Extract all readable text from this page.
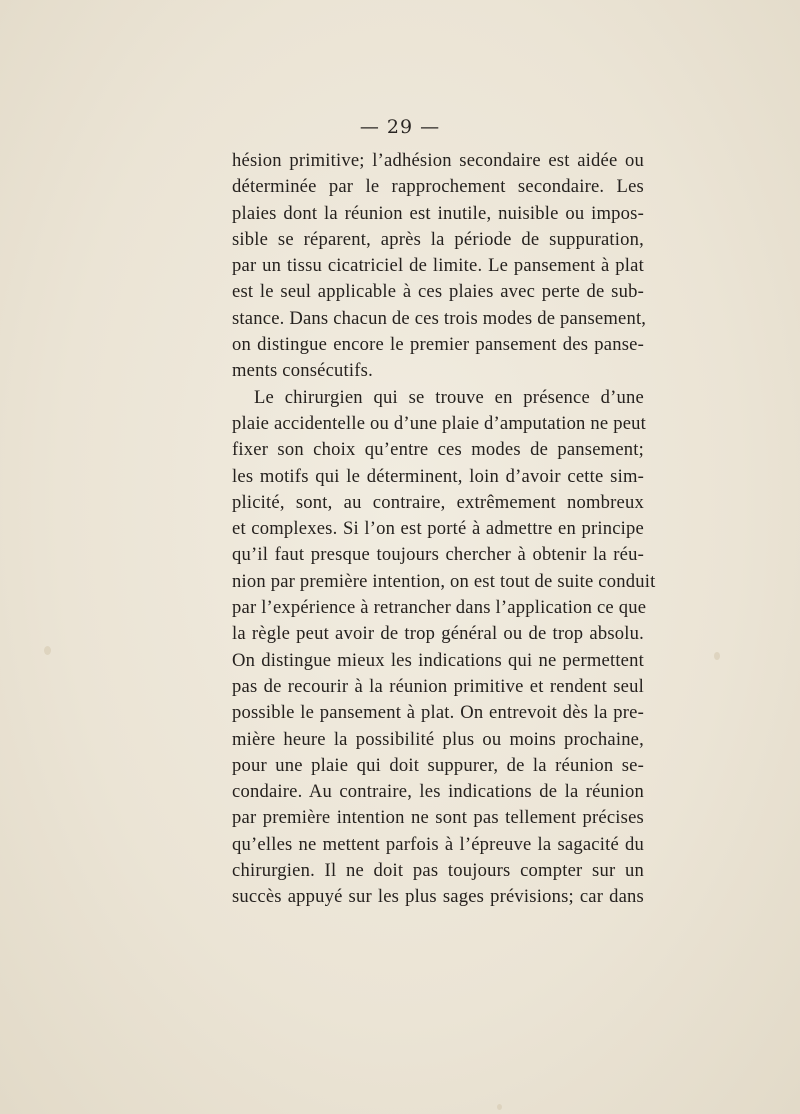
— 29 —
hésion primitive; l’adhésion secondaire est aidée ou
déterminée par le rapprochement secondaire. Les
plaies dont la réunion est inutile, nuisible ou impos-
sible se réparent, après la période de suppuration,
par un tissu cicatriciel de limite. Le pansement à plat
est le seul applicable à ces plaies avec perte de sub-
stance. Dans chacun de ces trois modes de pansement,
on distingue encore le premier pansement des panse-
ments consécutifs.
Le chirurgien qui se trouve en présence d’une
plaie accidentelle ou d’une plaie d’amputation ne peut
fixer son choix qu’entre ces modes de pansement;
les motifs qui le déterminent, loin d’avoir cette sim-
plicité, sont, au contraire, extrêmement nombreux
et complexes. Si l’on est porté à admettre en principe
qu’il faut presque toujours chercher à obtenir la réu-
nion par première intention, on est tout de suite conduit
par l’expérience à retrancher dans l’application ce que
la règle peut avoir de trop général ou de trop absolu.
On distingue mieux les indications qui ne permettent
pas de recourir à la réunion primitive et rendent seul
possible le pansement à plat. On entrevoit dès la pre-
mière heure la possibilité plus ou moins prochaine,
pour une plaie qui doit suppurer, de la réunion se-
condaire. Au contraire, les indications de la réunion
par première intention ne sont pas tellement précises
qu’elles ne mettent parfois à l’épreuve la sagacité du
chirurgien. Il ne doit pas toujours compter sur un
succès appuyé sur les plus sages prévisions; car dans
